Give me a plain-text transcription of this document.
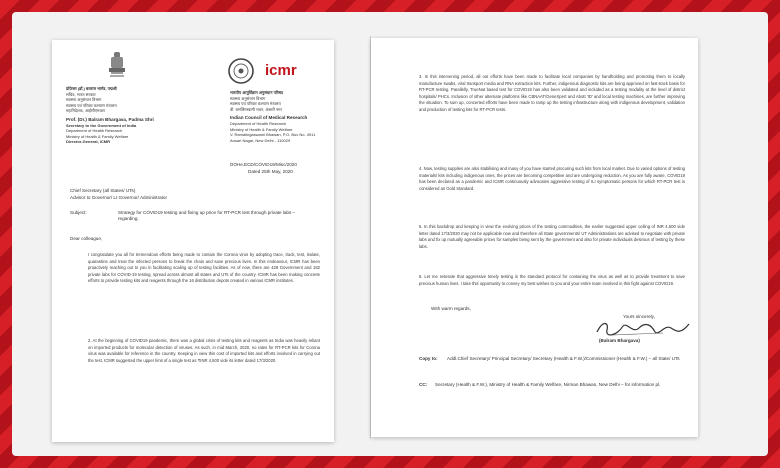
प्रोफेसर (डॉ.) बलराम भार्गव, पद्मश्री
सचिव, भारत सरकार
स्वास्थ्य अनुसंधान विभाग
स्वास्थ्य एवं परिवार कल्याण मंत्रालय
महानिदेशक, आईसीएमआर
Prof. (Dr.) Balram Bhargava, Padma Shri
Secretary to the Government of India
Department of Health Research
Ministry of Health & Family Welfare
Director-General, ICMR
icmr
भारतीय आयुर्विज्ञान अनुसंधान परिषद
स्वास्थ्य अनुसंधान विभाग
स्वास्थ्य एवं परिवार कल्याण मंत्रालय
वी. रामलिंगस्वामी भवन, अंसारी नगर
Indian Council of Medical Research
Department of Health Research
Ministry of Health & Family Welfare
V. Ramalingaswami Bhawan, P.O. Box No. 4911
Ansari Nagar, New Delhi - 110029
DOHe.ECD/COVID19/Misc/2020
Dated 25th May, 2020
Chief Secretary (all States/ UTs)
Advisor to Governor/ Lt Governor/ Administrator
Subject:	Strategy for COVID19 testing and fixing up price for RT-PCR test through private labs – regarding.
Dear colleague,
I congratulate you all for tremendous efforts being made to contain the Corona virus by adopting trace, track, test, isolate, quarantine and treat the infected persons to break the chain and save precious lives. In this endeavour, ICMR has been proactively reaching out to you in facilitating scaling up of testing facilities. As of now, there are 428 Government and 182 private labs for COVID-19 testing, spread across almost all states and UTs of the country. ICMR has been making concrete efforts to provide testing kits and reagents through the 16 distribution depots created in various ICMR institutes.
2. At the beginning of COVID19 pandemic, there was a global crisis of testing kits and reagents as India was heavily reliant on imported products for molecular detection of viruses. As such, in mid March, 2020, no rates for RT-PCR kits for Corona virus was available for reference in the country. Keeping in view this cost of imported kits and efforts involved in carrying out the test, ICMR suggested the upper limit of a single test as ₹INR 4,500 vide its letter dated 17/3/2020.
3. In this intervening period, all out efforts have been made to facilitate local companies by handholding and promoting them to locally manufacture swabs, viral transport media and RNA extraction kits. Further, indigenous diagnostic kits are being approved on fast-track basis for RT-PCR testing. Parallelly, TrueNat based test for COVID19 has also been validated and included as a testing modality at the level of district hospitals/ PHCs. Inclusion of other alternate platforms like CBNAAT/GeneXpert and Abott 'ID' and local testing machines, are further improving the situation. To sum up, concerted efforts have been made to ramp up the testing infrastructure along with indigenous development, validation and production of testing kits for RT-PCR tests.
4. Now, testing supplies are also stabilising and many of you have started procuring such kits from local market. Due to varied options of testing materials/ kits including indigenous ones, the prices are becoming competitive and are undergoing reduction. As you are fully aware, COVID19 has been declared as a pandemic and ICMR continuously advocates aggressive testing of ILI symptomatic persons for which RT-PCR test is considered as Gold Standard.
5. In this backdrop and keeping in view the evolving prices of the testing commodities, the earlier suggested upper ceiling of INR 4,500 vide letter dated 17/3/2020 may not be applicable now and therefore all State governments/ UT Administrations are advised to negotiate with private labs and fix up mutually agreeable prices for samples being sent by the government and also for private individuals desirous of testing by these labs.
6. Let me reiterate that aggressive timely testing is the standard protocol for containing the virus as well as to provide treatment to save precious human lives. I take this opportunity to convey my best wishes to you and your entire team involved in this fight against COVID19.
With warm regards,
Yours sincerely,
(Balram Bhargava)
Copy to: Addl.Chief Secretary/ Principal Secretary/ Secretary (Health & F.W.)/Commissioner (Health & F.W.) – all State/ UTs
CC: Secretary (Health & F.W.), Ministry of Health & Family Welfare, Nirman Bhawan, New Delhi – for information pl.
